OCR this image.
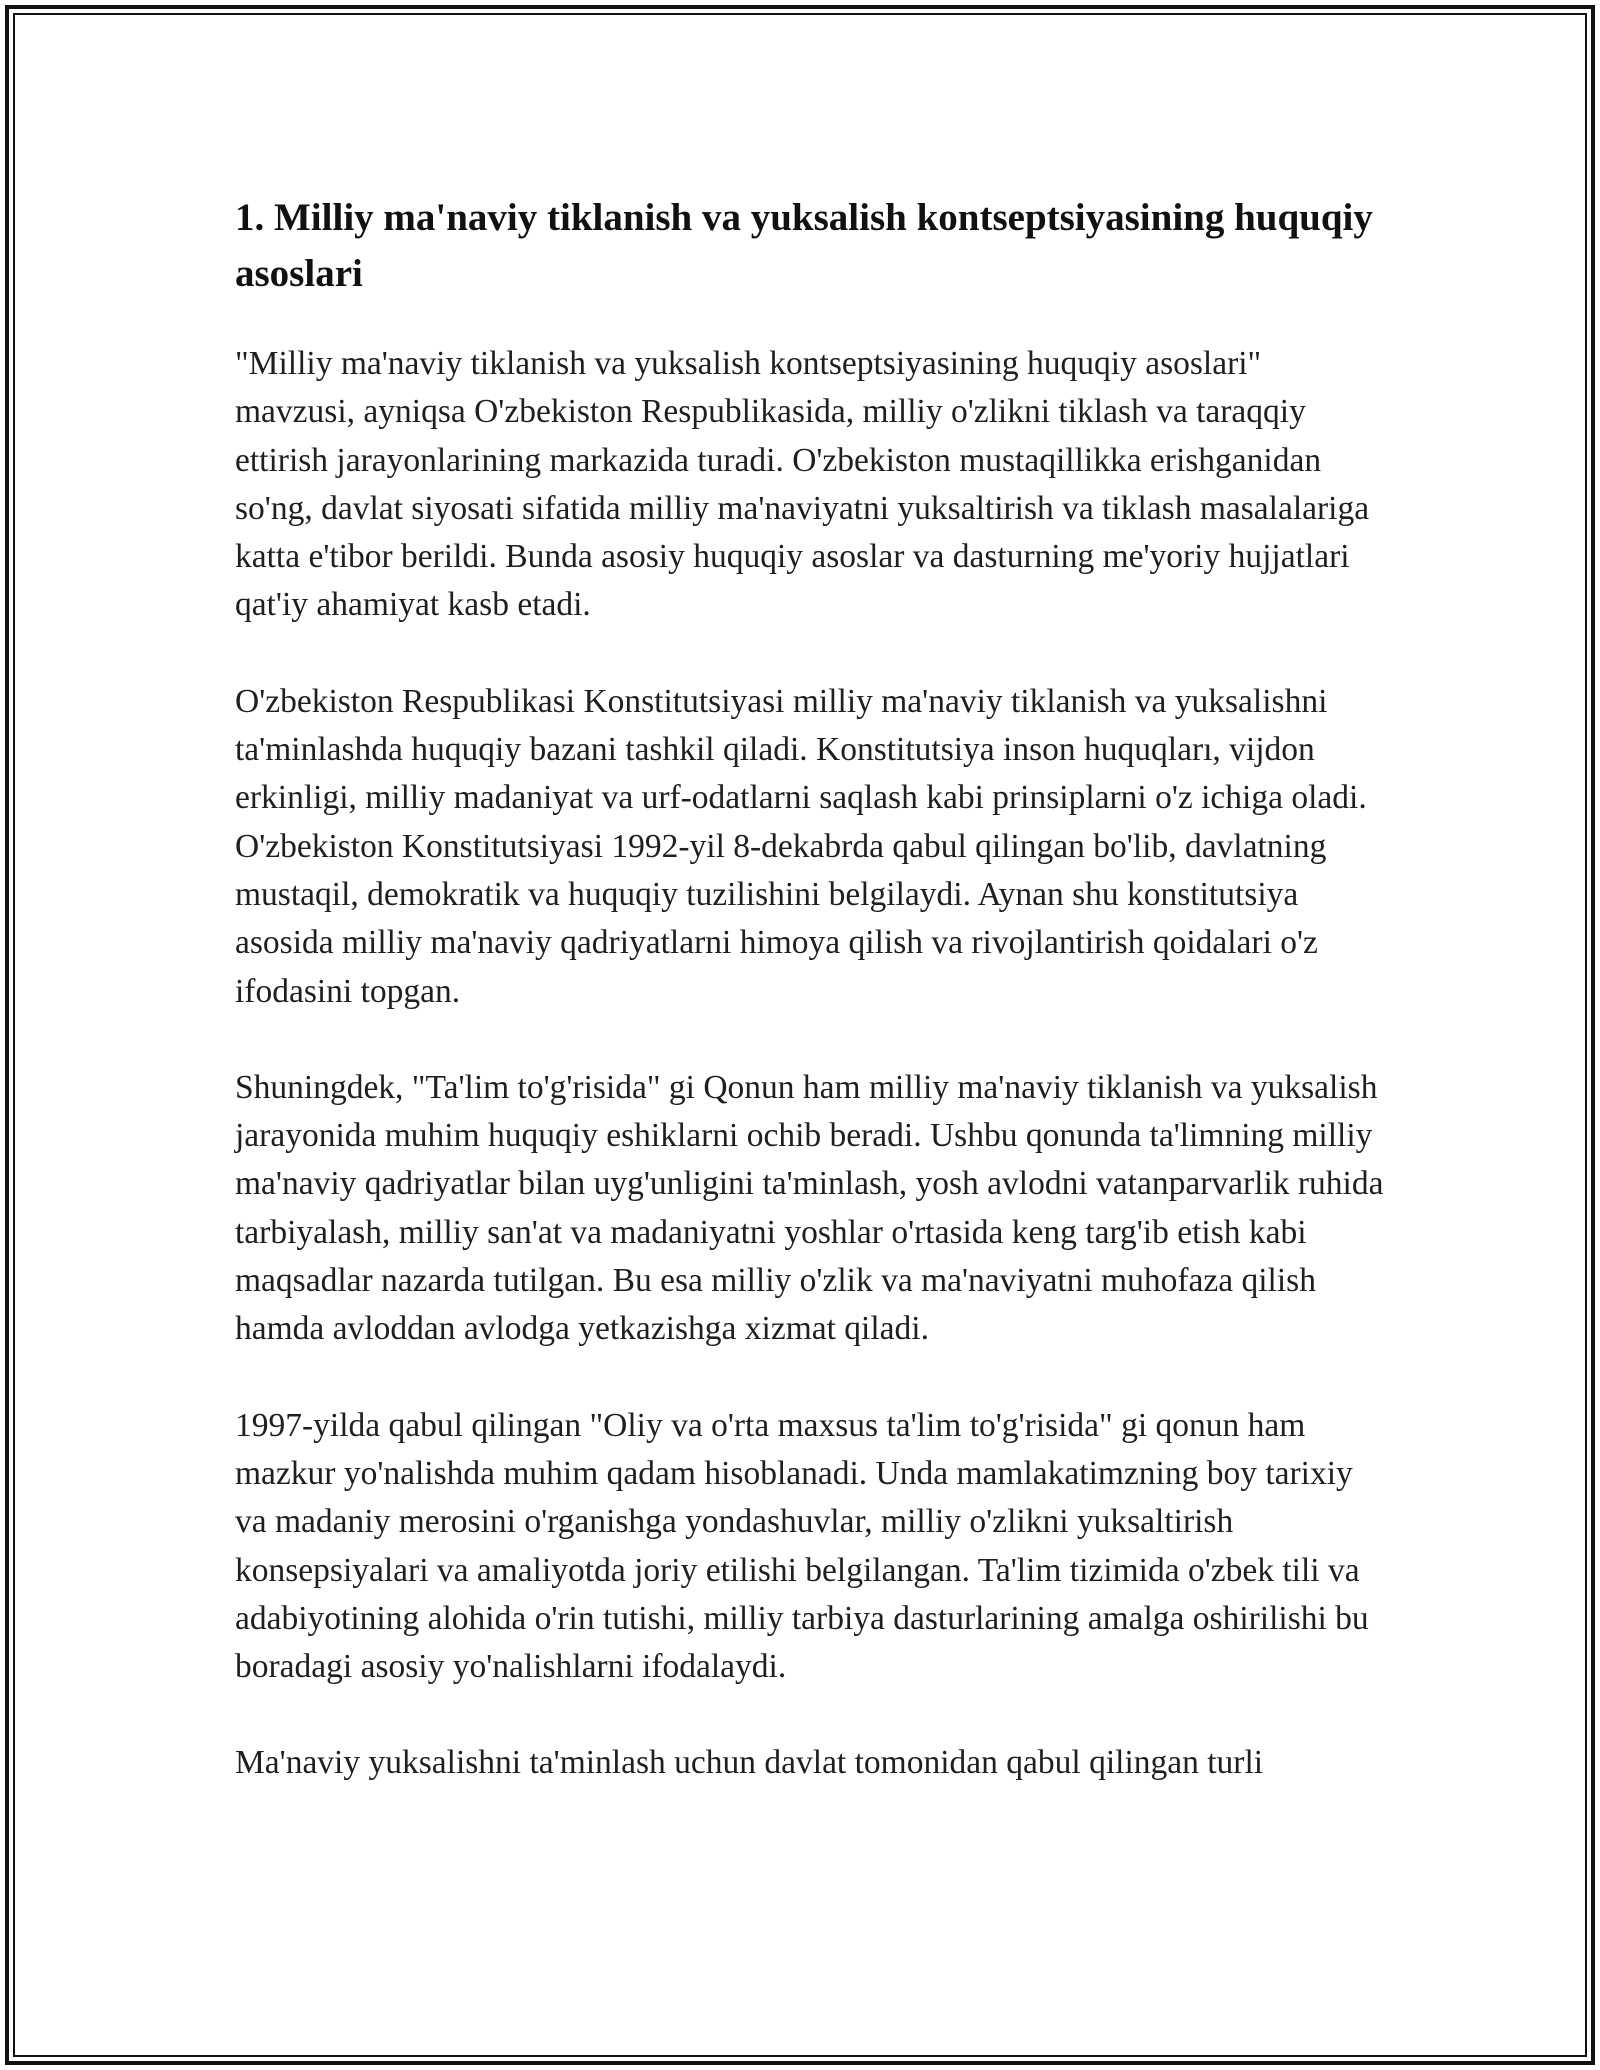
1. Milliy ma'naviy tiklanish va yuksalish kontseptsiyasining huquqiy asoslari

"Milliy ma'naviy tiklanish va yuksalish kontseptsiyasining huquqiy asoslari" mavzusi, ayniqsa O'zbekiston Respublikasida, milliy o'zlikni tiklash va taraqqiy ettirish jarayonlarining markazida turadi. O'zbekiston mustaqillikka erishganidan so'ng, davlat siyosati sifatida milliy ma'naviyatni yuksaltirish va tiklash masalalariga katta e'tibor berildi. Bunda asosiy huquqiy asoslar va dasturning me'yoriy hujjatlari qat'iy ahamiyat kasb etadi.

O'zbekiston Respublikasi Konstitutsiyasi milliy ma'naviy tiklanish va yuksalishni ta'minlashda huquqiy bazani tashkil qiladi. Konstitutsiya inson huquqları, vijdon erkinligi, milliy madaniyat va urf-odatlarni saqlash kabi prinsiplarni o'z ichiga oladi. O'zbekiston Konstitutsiyasi 1992-yil 8-dekabrda qabul qilingan bo'lib, davlatning mustaqil, demokratik va huquqiy tuzilishini belgilaydi. Aynan shu konstitutsiya asosida milliy ma'naviy qadriyatlarni himoya qilish va rivojlantirish qoidalari o'z ifodasini topgan.

Shuningdek, "Ta'lim to'g'risida" gi Qonun ham milliy ma'naviy tiklanish va yuksalish jarayonida muhim huquqiy eshiklarni ochib beradi. Ushbu qonunda ta'limning milliy ma'naviy qadriyatlar bilan uyg'unligini ta'minlash, yosh avlodni vatanparvarlik ruhida tarbiyalash, milliy san'at va madaniyatni yoshlar o'rtasida keng targ'ib etish kabi maqsadlar nazarda tutilgan. Bu esa milliy o'zlik va ma'naviyatni muhofaza qilish hamda avloddan avlodga yetkazishga xizmat qiladi.

1997-yilda qabul qilingan "Oliy va o'rta maxsus ta'lim to'g'risida" gi qonun ham mazkur yo'nalishda muhim qadam hisoblanadi. Unda mamlakatimzning boy tarixiy va madaniy merosini o'rganishga yondashuvlar, milliy o'zlikni yuksaltirish konsepsiyalari va amaliyotda joriy etilishi belgilangan. Ta'lim tizimida o'zbek tili va adabiyotining alohida o'rin tutishi, milliy tarbiya dasturlarining amalga oshirilishi bu boradagi asosiy yo'nalishlarni ifodalaydi.

Ma'naviy yuksalishni ta'minlash uchun davlat tomonidan qabul qilingan turli
